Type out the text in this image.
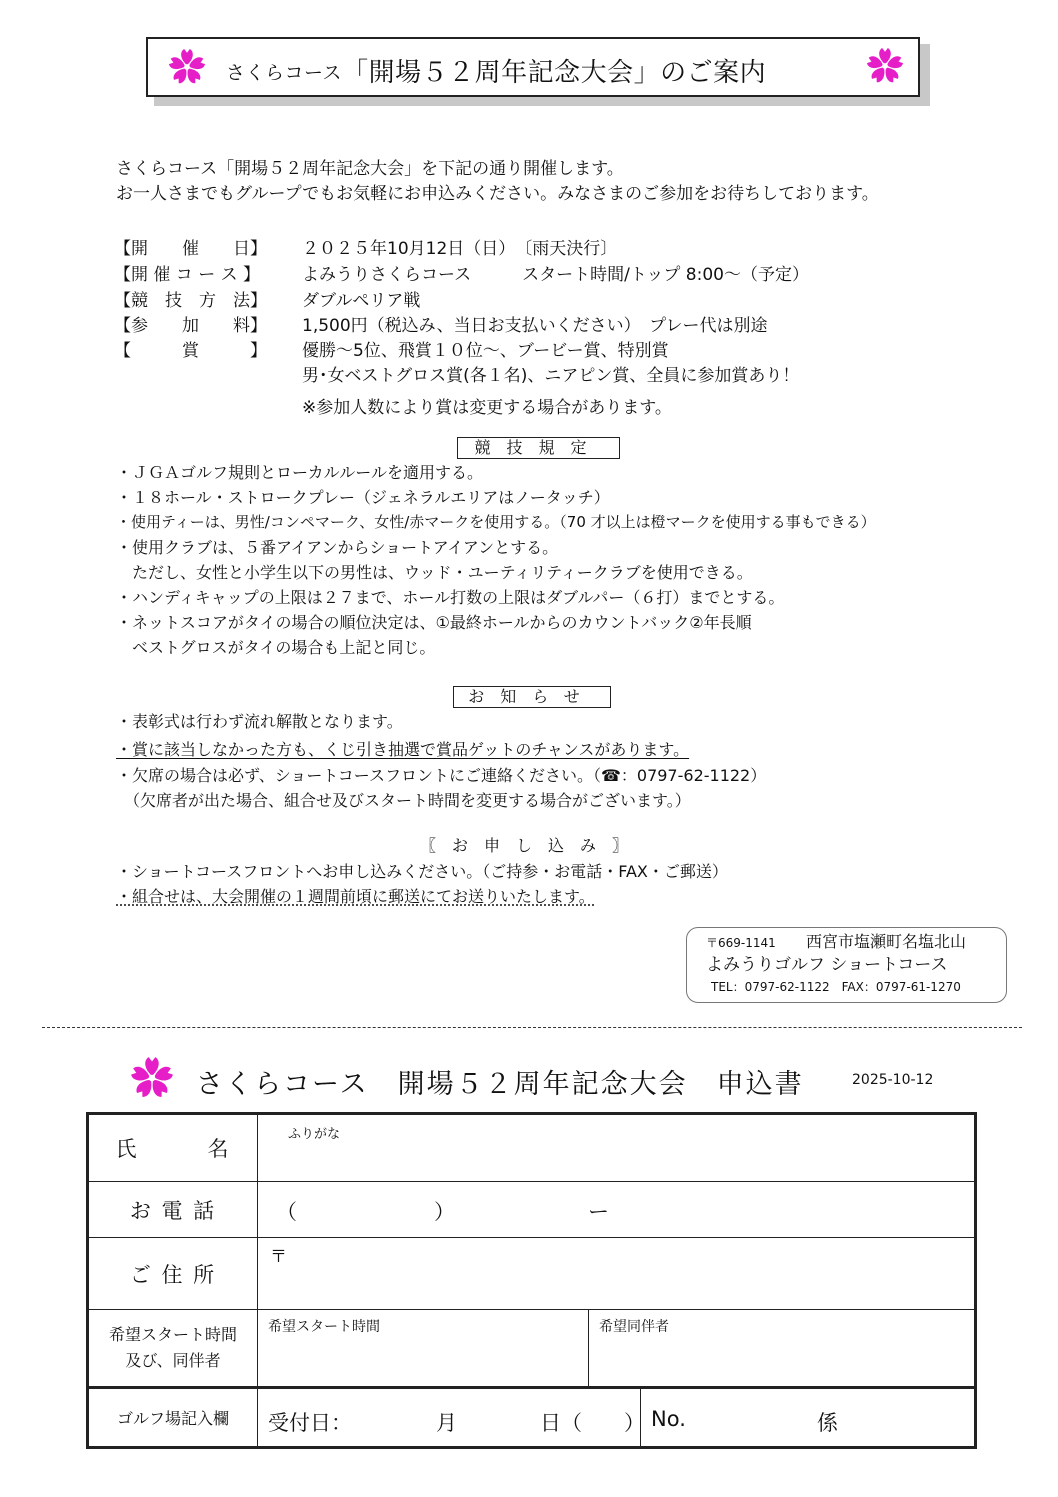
さくらコース「開場５２周年記念大会」のご案内
さくらコース「開場５２周年記念大会」を下記の通り開催します。
お一人さまでもグループでもお気軽にお申込みください。みなさまのご参加をお待ちしております。
【開　　催　　日】 ２０２５年10月12日（日）　〔雨天決行〕
【開 催 コ ー ス 】 よみうりさくらコース　　　スタート時間/トップ 8:00～（予定）
【競　技　方　法】 ダブルペリア戦
【参　　加　　料】 1,500円（税込み、当日お支払いください）　プレー代は別途
【　　　賞　　　】 優勝～5位、飛賞１０位～、ブービー賞、特別賞
男･女ベストグロス賞(各１名)、ニアピン賞、全員に参加賞あり！
※参加人数により賞は変更する場合があります。
競技規定
・ＪＧＡゴルフ規則とローカルルールを適用する。
・１８ホール・ストロークプレー（ジェネラルエリアはノータッチ）
・使用ティーは、男性/コンペマーク、女性/赤マークを使用する。（70 才以上は橙マークを使用する事もできる）
・使用クラブは、５番アイアンからショートアイアンとする。
　ただし、女性と小学生以下の男性は、ウッド・ユーティリティークラブを使用できる。
・ハンディキャップの上限は２７まで、ホール打数の上限はダブルパー（６打）までとする。
・ネットスコアがタイの場合の順位決定は、①最終ホールからのカウントバック②年長順
　ベストグロスがタイの場合も上記と同じ。
お知らせ
・表彰式は行わず流れ解散となります。
・賞に該当しなかった方も、くじ引き抽選で賞品ゲットのチャンスがあります。
・欠席の場合は必ず、ショートコースフロントにご連絡ください。（☎：0797-62-1122）
　（欠席者が出た場合、組合せ及びスタート時間を変更する場合がございます。）
〖　お　申　し　込　み　〗
・ショートコースフロントへお申し込みください。（ご持参・お電話・FAX・ご郵送）
・組合せは、大会開催の１週間前頃に郵送にてお送りいたします。
〒669-1141 西宮市塩瀬町名塩北山
よみうりゴルフ ショートコース
TEL：0797-62-1122　FAX：0797-61-1270
さくらコース　開場５２周年記念大会　申込書	2025-10-12
氏　　　名	ふりがな		

お 電 話	（ ） ー		

ご 住 所	〒		

希望スタート時間
及び、同伴者	希望スタート時間	希望同伴者	

ゴルフ場記入欄	受付日： 月 日（　　）		No. 係
